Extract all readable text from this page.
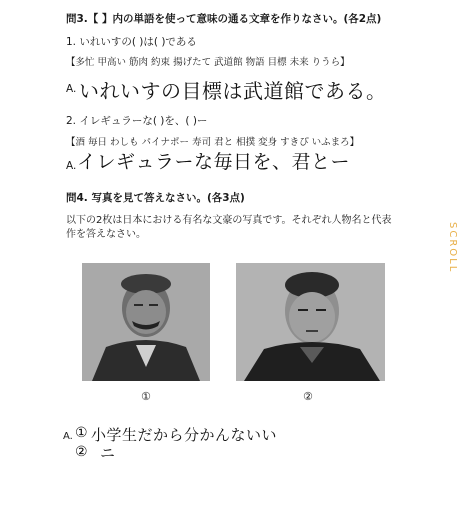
問3.【 】内の単語を使って意味の通る文章を作りなさい。(各2点)
1. いれいすの( )は( )である
【多忙 甲高い 筋肉 約束 揚げたて 武道館 物語 目標 未来 りうら】
A. いれいすの目標は武道館である。
2. イレギュラーな( )を、( )ー
【酒 毎日 わしも パイナポー 寿司 君と 相撲 変身 すきぴ いふまろ】
A. イレギュラーな毎日を、君とー
問4. 写真を見て答えなさい。(各3点)
以下の2枚は日本における有名な文豪の写真です。それぞれ人物名と代表
作を答えなさい。
①	②
A. ① 小学生だから分かんないい
② ニ
SCROLL
